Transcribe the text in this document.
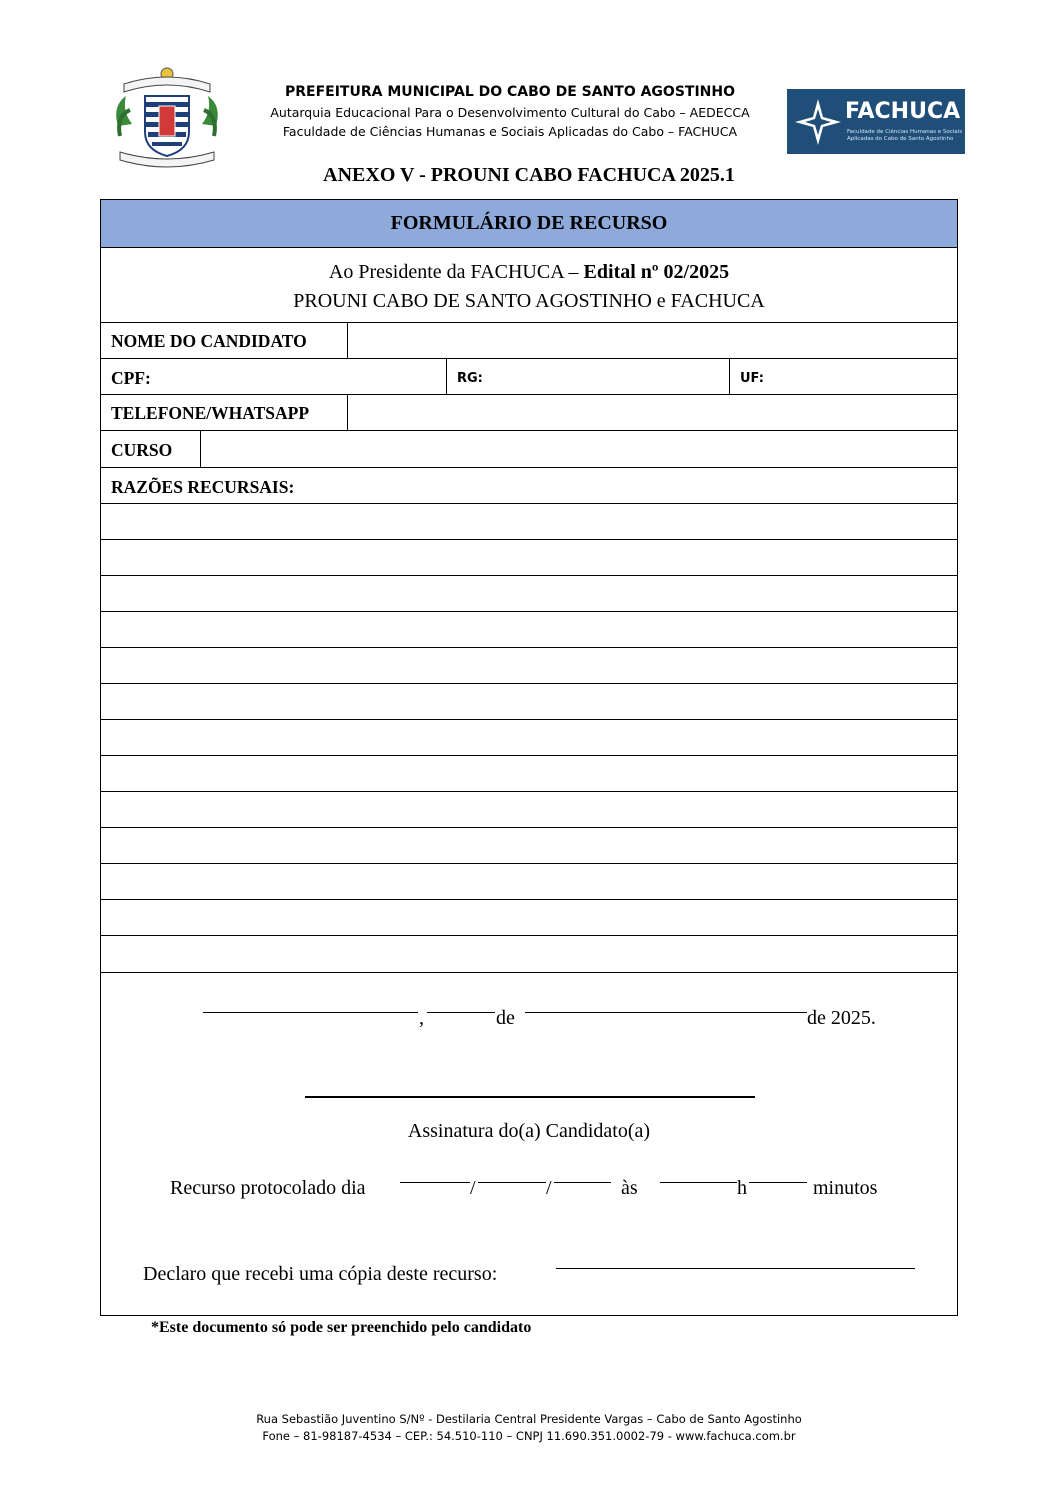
PREFEITURA MUNICIPAL DO CABO DE SANTO AGOSTINHO
Autarquia Educacional Para o Desenvolvimento Cultural do Cabo – AEDECCA
Faculdade de Ciências Humanas e Sociais Aplicadas do Cabo – FACHUCA
FACHUCA
Faculdade de Ciências Humanas e Sociais
Aplicadas do Cabo de Santo Agostinho
ANEXO V - PROUNI CABO FACHUCA 2025.1
FORMULÁRIO DE RECURSO
Ao Presidente da FACHUCA – Edital nº 02/2025
PROUNI CABO DE SANTO AGOSTINHO e FACHUCA
NOME DO CANDIDATO
CPF:	RG:	UF:
TELEFONE/WHATSAPP
CURSO
RAZÕES RECURSAIS:
,	de	de 2025.
Assinatura do(a) Candidato(a)
Recurso protocolado dia	/	/	às	h	minutos
Declaro que recebi uma cópia deste recurso:
*Este documento só pode ser preenchido pelo candidato
Rua Sebastião Juventino S/Nº - Destilaria Central Presidente Vargas – Cabo de Santo Agostinho
Fone – 81-98187-4534 – CEP.: 54.510-110 – CNPJ 11.690.351.0002-79 - www.fachuca.com.br
